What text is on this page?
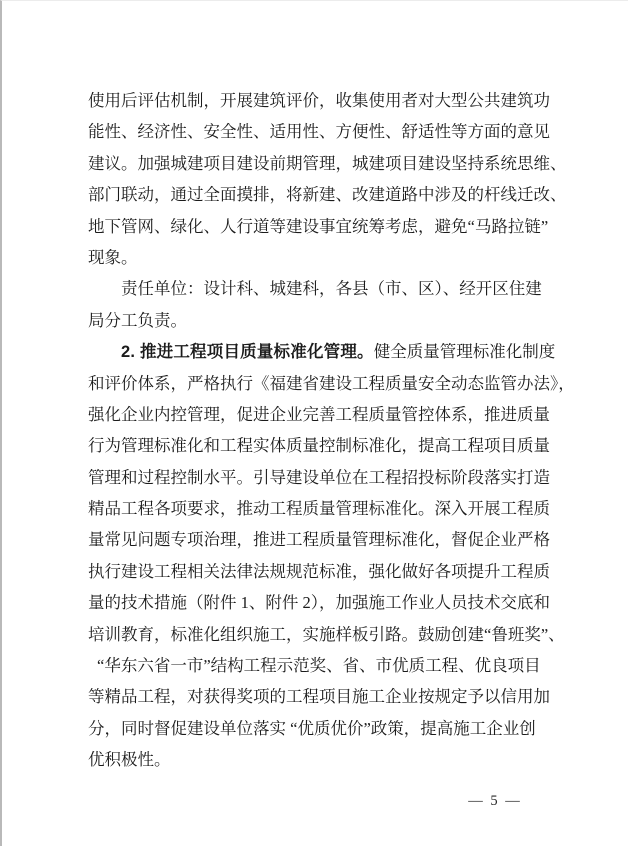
使用后评估机制，开展建筑评价，收集使用者对大型公共建筑功
能性、经济性、安全性、适用性、方便性、舒适性等方面的意见
建议。加强城建项目建设前期管理，城建项目建设坚持系统思维、
部门联动，通过全面摸排，将新建、改建道路中涉及的杆线迁改、
地下管网、绿化、人行道等建设事宜统筹考虑，避免“马路拉链”
现象。
责任单位：设计科、城建科，各县（市、区）、经开区住建
局分工负责。
2. 推进工程项目质量标准化管理。健全质量管理标准化制度
和评价体系，严格执行《福建省建设工程质量安全动态监管办法》，
强化企业内控管理，促进企业完善工程质量管控体系，推进质量
行为管理标准化和工程实体质量控制标准化，提高工程项目质量
管理和过程控制水平。引导建设单位在工程招投标阶段落实打造
精品工程各项要求，推动工程质量管理标准化。深入开展工程质
量常见问题专项治理，推进工程质量管理标准化，督促企业严格
执行建设工程相关法律法规规范标准，强化做好各项提升工程质
量的技术措施（附件 1、附件 2），加强施工作业人员技术交底和
培训教育，标准化组织施工，实施样板引路。鼓励创建“鲁班奖”、
“华东六省一市”结构工程示范奖、省、市优质工程、优良项目
等精品工程，对获得奖项的工程项目施工企业按规定予以信用加
分，同时督促建设单位落实 “优质优价”政策，提高施工企业创
优积极性。
— 5 —
